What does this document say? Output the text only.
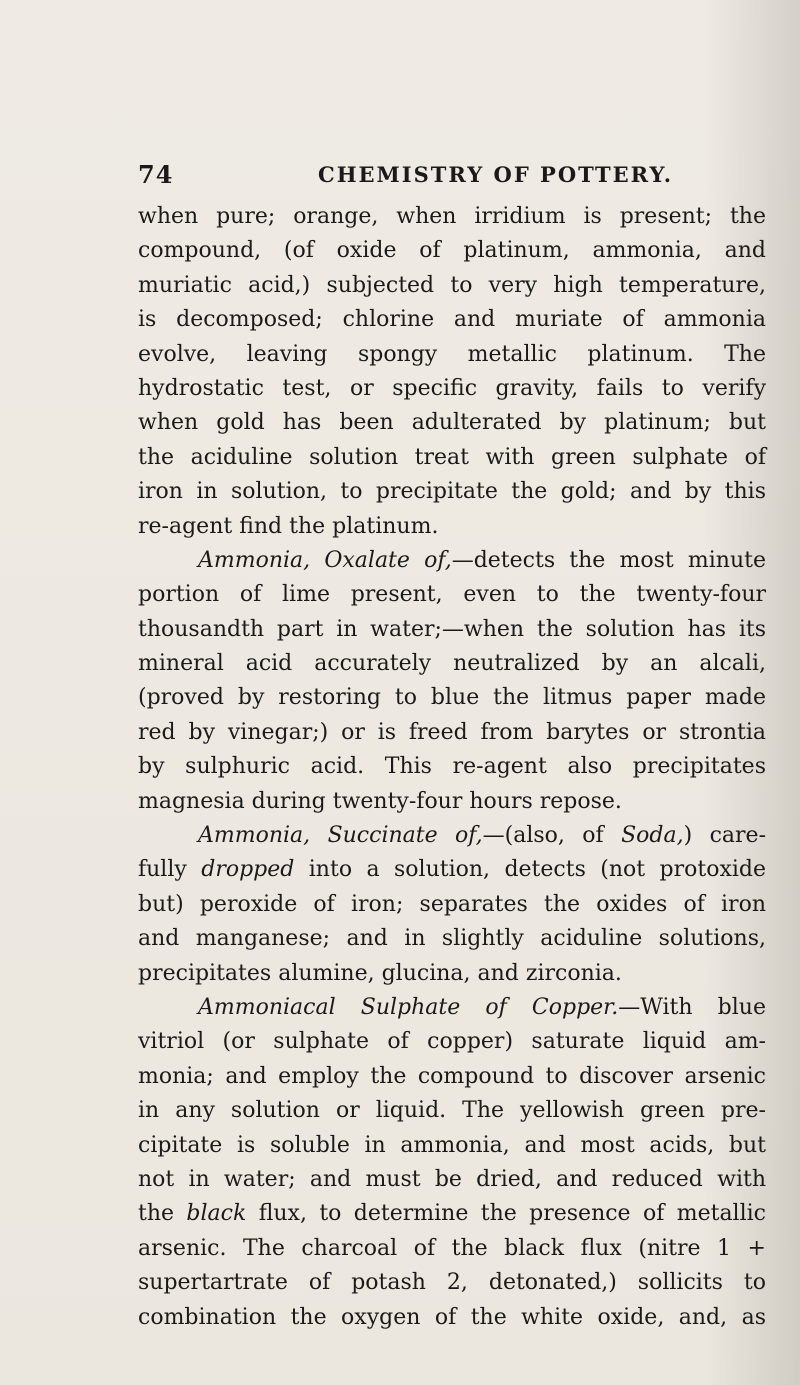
74	CHEMISTRY OF POTTERY.
when pure; orange, when irridium is present; the
compound, (of oxide of platinum, ammonia, and
muriatic acid,) subjected to very high temperature,
is decomposed; chlorine and muriate of ammonia
evolve, leaving spongy metallic platinum. The
hydrostatic test, or specific gravity, fails to verify
when gold has been adulterated by platinum; but
the aciduline solution treat with green sulphate of
iron in solution, to precipitate the gold; and by this
re-agent find the platinum.
Ammonia, Oxalate of,—detects the most minute
portion of lime present, even to the twenty-four
thousandth part in water;—when the solution has its
mineral acid accurately neutralized by an alcali,
(proved by restoring to blue the litmus paper made
red by vinegar;) or is freed from barytes or strontia
by sulphuric acid. This re-agent also precipitates
magnesia during twenty-four hours repose.
Ammonia, Succinate of,—(also, of Soda,) care-
fully dropped into a solution, detects (not protoxide
but) peroxide of iron; separates the oxides of iron
and manganese; and in slightly aciduline solutions,
precipitates alumine, glucina, and zirconia.
Ammoniacal Sulphate of Copper.—With blue
vitriol (or sulphate of copper) saturate liquid am-
monia; and employ the compound to discover arsenic
in any solution or liquid. The yellowish green pre-
cipitate is soluble in ammonia, and most acids, but
not in water; and must be dried, and reduced with
the black flux, to determine the presence of metallic
arsenic. The charcoal of the black flux (nitre 1 +
supertartrate of potash 2, detonated,) sollicits to
combination the oxygen of the white oxide, and, as
